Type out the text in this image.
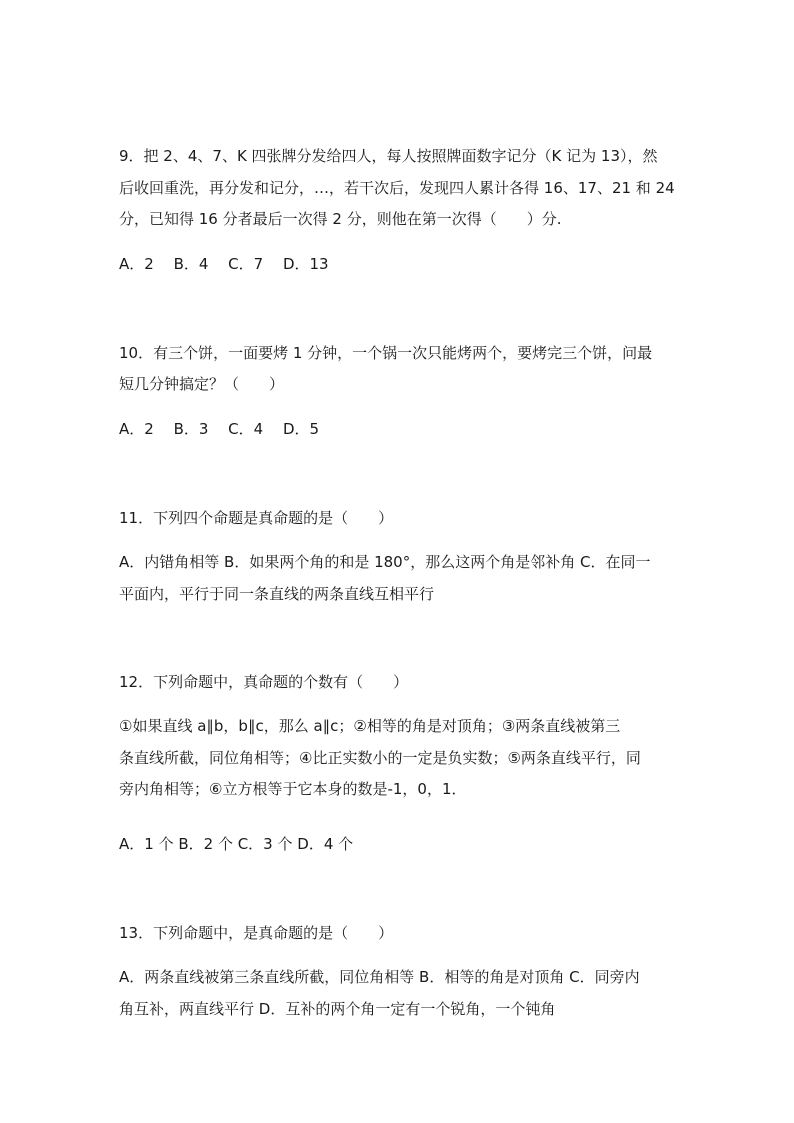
9．把 2、4、7、K 四张牌分发给四人，每人按照牌面数字记分（K 记为 13），然
后收回重洗，再分发和记分，…，若干次后，发现四人累计各得 16、17、21 和 24
分，已知得 16 分者最后一次得 2 分，则他在第一次得（　　）分.
A．2　 B．4　 C．7　 D．13
10．有三个饼，一面要烤 1 分钟，一个锅一次只能烤两个，要烤完三个饼，问最
短几分钟搞定？（　　）
A．2　 B．3　 C．4　 D．5
11．下列四个命题是真命题的是（　　）
A．内错角相等 B．如果两个角的和是 180°，那么这两个角是邻补角 C．在同一
平面内，平行于同一条直线的两条直线互相平行
12．下列命题中，真命题的个数有（　　）
①如果直线 a∥b，b∥c，那么 a∥c；②相等的角是对顶角；③两条直线被第三
条直线所截，同位角相等；④比正实数小的一定是负实数；⑤两条直线平行，同
旁内角相等；⑥立方根等于它本身的数是-1，0，1．
A．1 个 B．2 个 C．3 个 D．4 个
13．下列命题中，是真命题的是（　　）
A．两条直线被第三条直线所截，同位角相等 B．相等的角是对顶角 C．同旁内
角互补，两直线平行 D．互补的两个角一定有一个锐角，一个钝角
